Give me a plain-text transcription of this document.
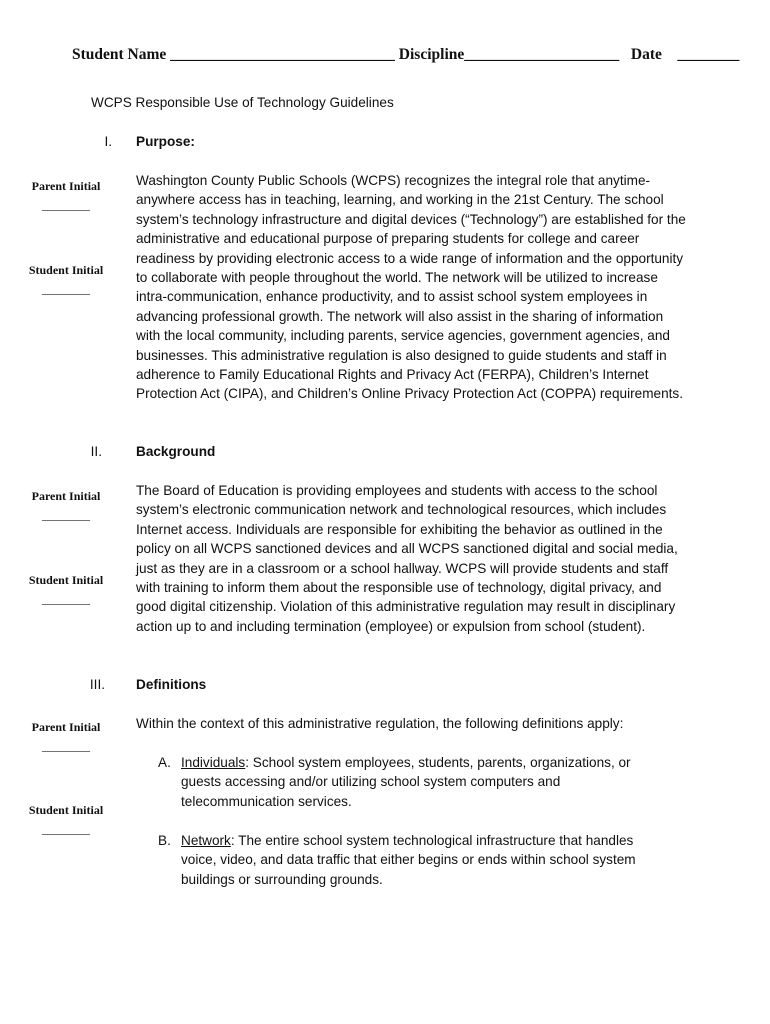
Student Name _____________________________ Discipline____________________ Date ________
WCPS Responsible Use of Technology Guidelines
I. Purpose:

Washington County Public Schools (WCPS) recognizes the integral role that anytime-anywhere access has in teaching, learning, and working in the 21st Century. The school system’s technology infrastructure and digital devices (“Technology”) are established for the administrative and educational purpose of preparing students for college and career readiness by providing electronic access to a wide range of information and the opportunity to collaborate with people throughout the world. The network will be utilized to increase intra-communication, enhance productivity, and to assist school system employees in advancing professional growth. The network will also assist in the sharing of information with the local community, including parents, service agencies, government agencies, and businesses. This administrative regulation is also designed to guide students and staff in adherence to Family Educational Rights and Privacy Act (FERPA), Children’s Internet Protection Act (CIPA), and Children’s Online Privacy Protection Act (COPPA) requirements.

Parent Initial
________
Student Initial
________
II.	Background

The Board of Education is providing employees and students with access to the school system’s electronic communication network and technological resources, which includes Internet access. Individuals are responsible for exhibiting the behavior as outlined in the policy on all WCPS sanctioned devices and all WCPS sanctioned digital and social media, just as they are in a classroom or a school hallway. WCPS will provide students and staff with training to inform them about the responsible use of technology, digital privacy, and good digital citizenship. Violation of this administrative regulation may result in disciplinary action up to and including termination (employee) or expulsion from school (student).

Parent Initial
________
Student Initial
________
III. Definitions

Within the context of this administrative regulation, the following definitions apply:

Parent Initial
________
Student Initial
________
A. Individuals: School system employees, students, parents, organizations, or guests accessing and/or utilizing school system computers and telecommunication services.
B. Network: The entire school system technological infrastructure that handles voice, video, and data traffic that either begins or ends within school system buildings or surrounding grounds.
